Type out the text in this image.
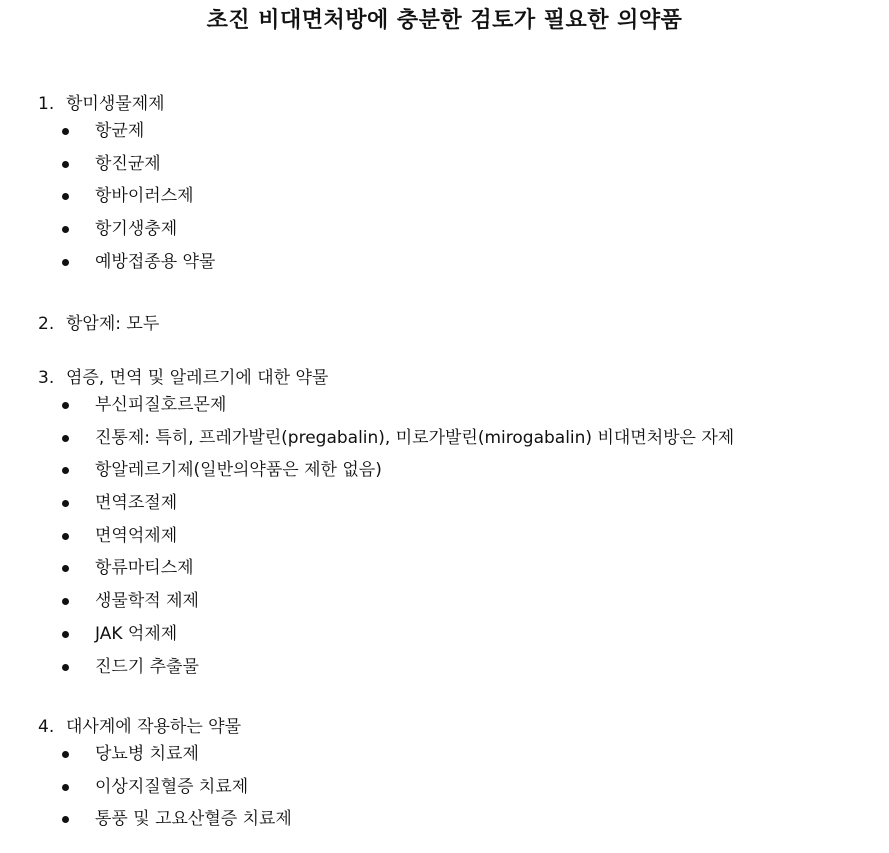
초진 비대면처방에 충분한 검토가 필요한 의약품
1. 항미생물제제
항균제
항진균제
항바이러스제
항기생충제
예방접종용 약물
2. 항암제: 모두
3. 염증, 면역 및 알레르기에 대한 약물
부신피질호르몬제
진통제: 특히, 프레가발린(pregabalin), 미로가발린(mirogabalin) 비대면처방은 자제
항알레르기제(일반의약품은 제한 없음)
면역조절제
면역억제제
항류마티스제
생물학적 제제
JAK 억제제
진드기 추출물
4. 대사계에 작용하는 약물
당뇨병 치료제
이상지질혈증 치료제
통풍 및 고요산혈증 치료제
